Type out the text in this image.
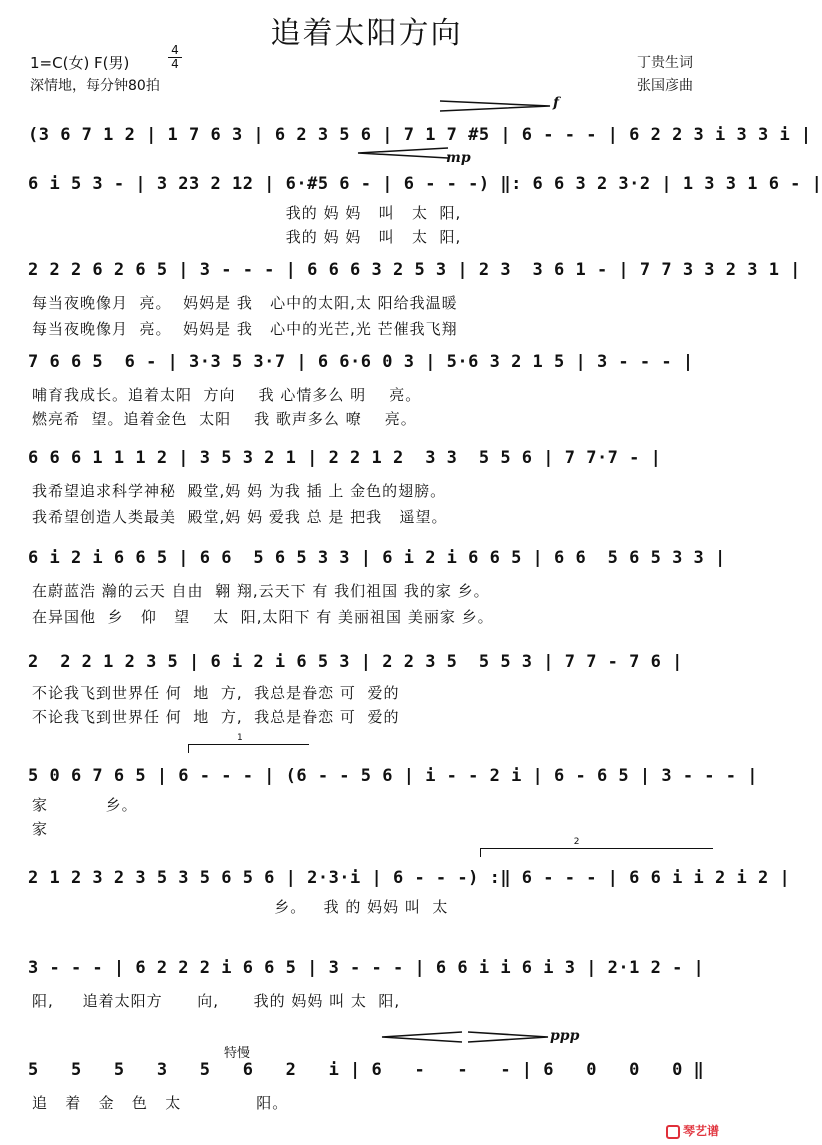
追着太阳方向
1=C(女) F(男)
4
4
深情地，每分钟80拍
丁贵生词
张国彦曲
f
(3 6 7 1 2 | 1 7 6 3 | 6 2 3 5 6 | 7 1 7 #5 | 6 - - - | 6 2 2 3 i 3 3 i |
mp
6 i 5 3 - | 3 23 2 12 | 6·#5 6 - | 6 - - -) ‖: 6 6 3 2 3·2 | 1 3 3 1 6 - |
我的 妈 妈   叫   太  阳,
我的 妈 妈   叫   太  阳,
2 2 2 6 2 6 5 | 3 - - - | 6 6 6 3 2 5 3 | 2 3  3 6 1 - | 7 7 3 3 2 3 1 |
每当夜晚像月  亮。  妈妈是 我   心中的太阳,太 阳给我温暖
每当夜晚像月  亮。  妈妈是 我   心中的光芒,光 芒催我飞翔
7 6 6 5  6 - | 3·3 5 3·7 | 6 6·6 0 3 | 5·6 3 2 1 5 | 3 - - - |
哺育我成长。追着太阳  方向    我 心情多么 明    亮。
燃亮希  望。追着金色  太阳    我 歌声多么 嘹    亮。
6 6 6 1 1 1 2 | 3 5 3 2 1 | 2 2 1 2  3 3  5 5 6 | 7 7·7 - |
我希望追求科学神秘  殿堂,妈 妈 为我 插 上 金色的翅膀。
我希望创造人类最美  殿堂,妈 妈 爱我 总 是 把我   遥望。
6 i 2 i 6 6 5 | 6 6  5 6 5 3 3 | 6 i 2 i 6 6 5 | 6 6  5 6 5 3 3 |
在蔚蓝浩 瀚的云天 自由  翱 翔,云天下 有 我们祖国 我的家 乡。
在异国他  乡   仰   望    太  阳,太阳下 有 美丽祖国 美丽家 乡。
2  2 2 1 2 3 5 | 6 i 2 i 6 5 3 | 2 2 3 5  5 5 3 | 7 7 - 7 6 |
不论我飞到世界任 何  地  方,  我总是眷恋 可  爱的
不论我飞到世界任 何  地  方,  我总是眷恋 可  爱的
1
5 0 6 7 6 5 | 6 - - - | (6 - - 5 6 | i - - 2 i | 6 - 6 5 | 3 - - - |
家          乡。
家
2
2 1 2 3 2 3 5 3 5 6 5 6 | 2·3·i | 6 - - -) :‖ 6 - - - | 6 6 i i 2 i 2 |
乡。   我 的 妈妈 叫  太
3 - - - | 6 2 2 2 i 6 6 5 | 3 - - - | 6 6 i i 6 i 3 | 2·1 2 - |
阳,     追着太阳方      向,      我的 妈妈 叫 太  阳,
特慢
ppp
5   5   5   3   5   6   2   i | 6   -   -   - | 6   0   0   0 ‖
追   着   金   色   太             阳。
琴艺谱
